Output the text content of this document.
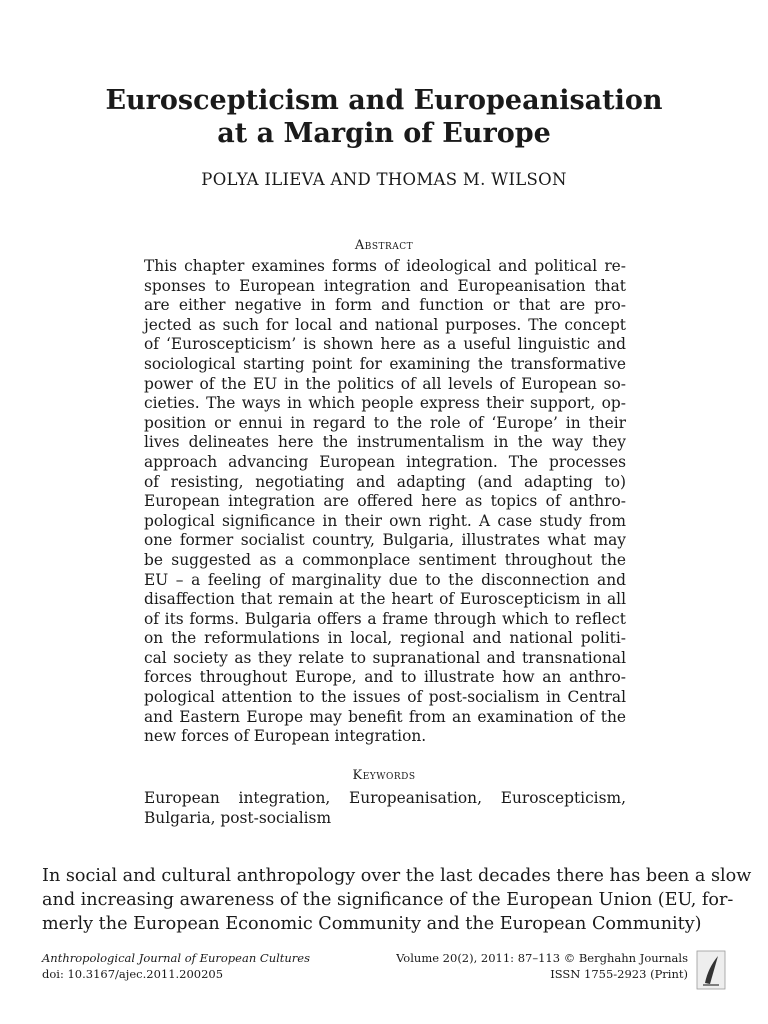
Euroscepticism and Europeanisation
at a Margin of Europe
POLYA ILIEVA AND THOMAS M. WILSON
Abstract
This chapter examines forms of ideological and political re-
sponses to European integration and Europeanisation that
are either negative in form and function or that are pro-
jected as such for local and national purposes. The concept
of ‘Euroscepticism’ is shown here as a useful linguistic and
sociological starting point for examining the transformative
power of the EU in the politics of all levels of European so-
cieties. The ways in which people express their support, op-
position or ennui in regard to the role of ‘Europe’ in their
lives delineates here the instrumentalism in the way they
approach advancing European integration. The processes
of resisting, negotiating and adapting (and adapting to)
European integration are offered here as topics of anthro-
pological significance in their own right. A case study from
one former socialist country, Bulgaria, illustrates what may
be suggested as a commonplace sentiment throughout the
EU – a feeling of marginality due to the disconnection and
disaffection that remain at the heart of Euroscepticism in all
of its forms. Bulgaria offers a frame through which to reflect
on the reformulations in local, regional and national politi-
cal society as they relate to supranational and transnational
forces throughout Europe, and to illustrate how an anthro-
pological attention to the issues of post-socialism in Central
and Eastern Europe may benefit from an examination of the
new forces of European integration.
Keywords
European integration, Europeanisation, Euroscepticism,
Bulgaria, post-socialism
In social and cultural anthropology over the last decades there has been a slow
and increasing awareness of the significance of the European Union (EU, for-
merly the European Economic Community and the European Community)
Anthropological Journal of European Cultures
doi: 10.3167/ajec.2011.200205
Volume 20(2), 2011: 87–113 © Berghahn Journals
ISSN 1755-2923 (Print)
